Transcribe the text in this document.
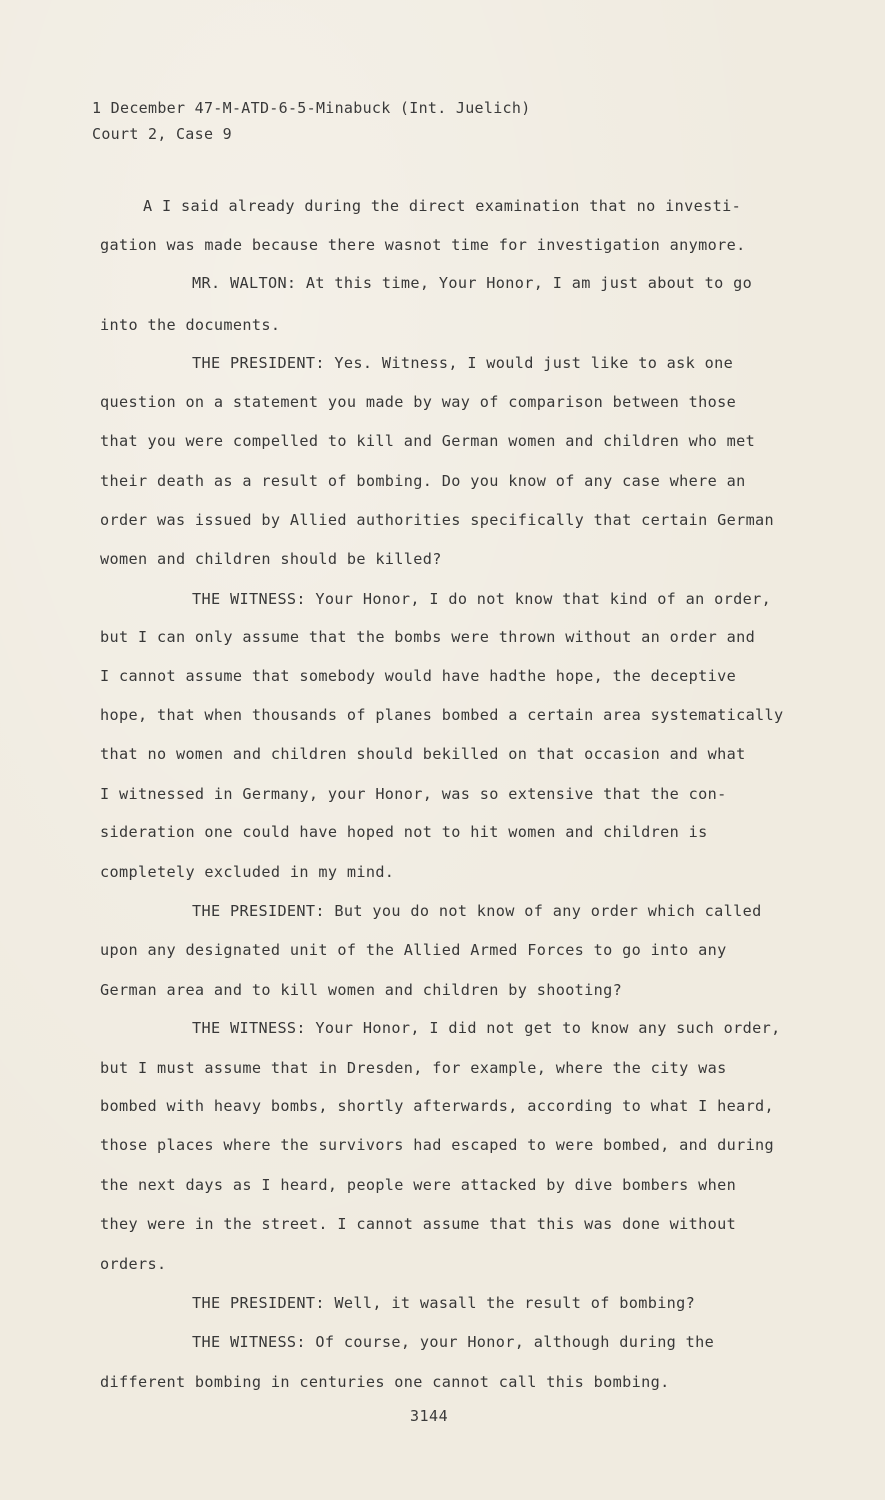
1 December 47-M-ATD-6-5-Minabuck (Int. Juelich)
Court 2, Case 9
A I said already during the direct examination that no investi-
gation was made because there wasnot time for investigation anymore.
MR. WALTON: At this time, Your Honor, I am just about to go
into the documents.
THE PRESIDENT: Yes. Witness, I would just like to ask one
question on a statement you made by way of comparison between those
that you were compelled to kill and German women and children who met
their death as a result of bombing. Do you know of any case where an
order was issued by Allied authorities specifically that certain German
women and children should be killed?
THE WITNESS: Your Honor, I do not know that kind of an order,
but I can only assume that the bombs were thrown without an order and
I cannot assume that somebody would have hadthe hope, the deceptive
hope, that when thousands of planes bombed a certain area systematically
that no women and children should bekilled on that occasion and what
I witnessed in Germany, your Honor, was so extensive that the con-
sideration one could have hoped not to hit women and children is
completely excluded in my mind.
THE PRESIDENT: But you do not know of any order which called
upon any designated unit of the Allied Armed Forces to go into any
German area and to kill women and children by shooting?
THE WITNESS: Your Honor, I did not get to know any such order,
but I must assume that in Dresden, for example, where the city was
bombed with heavy bombs, shortly afterwards, according to what I heard,
those places where the survivors had escaped to were bombed, and during
the next days as I heard, people were attacked by dive bombers when
they were in the street. I cannot assume that this was done without
orders.
THE PRESIDENT: Well, it wasall the result of bombing?
THE WITNESS: Of course, your Honor, although during the
different bombing in centuries one cannot call this bombing.
3144
